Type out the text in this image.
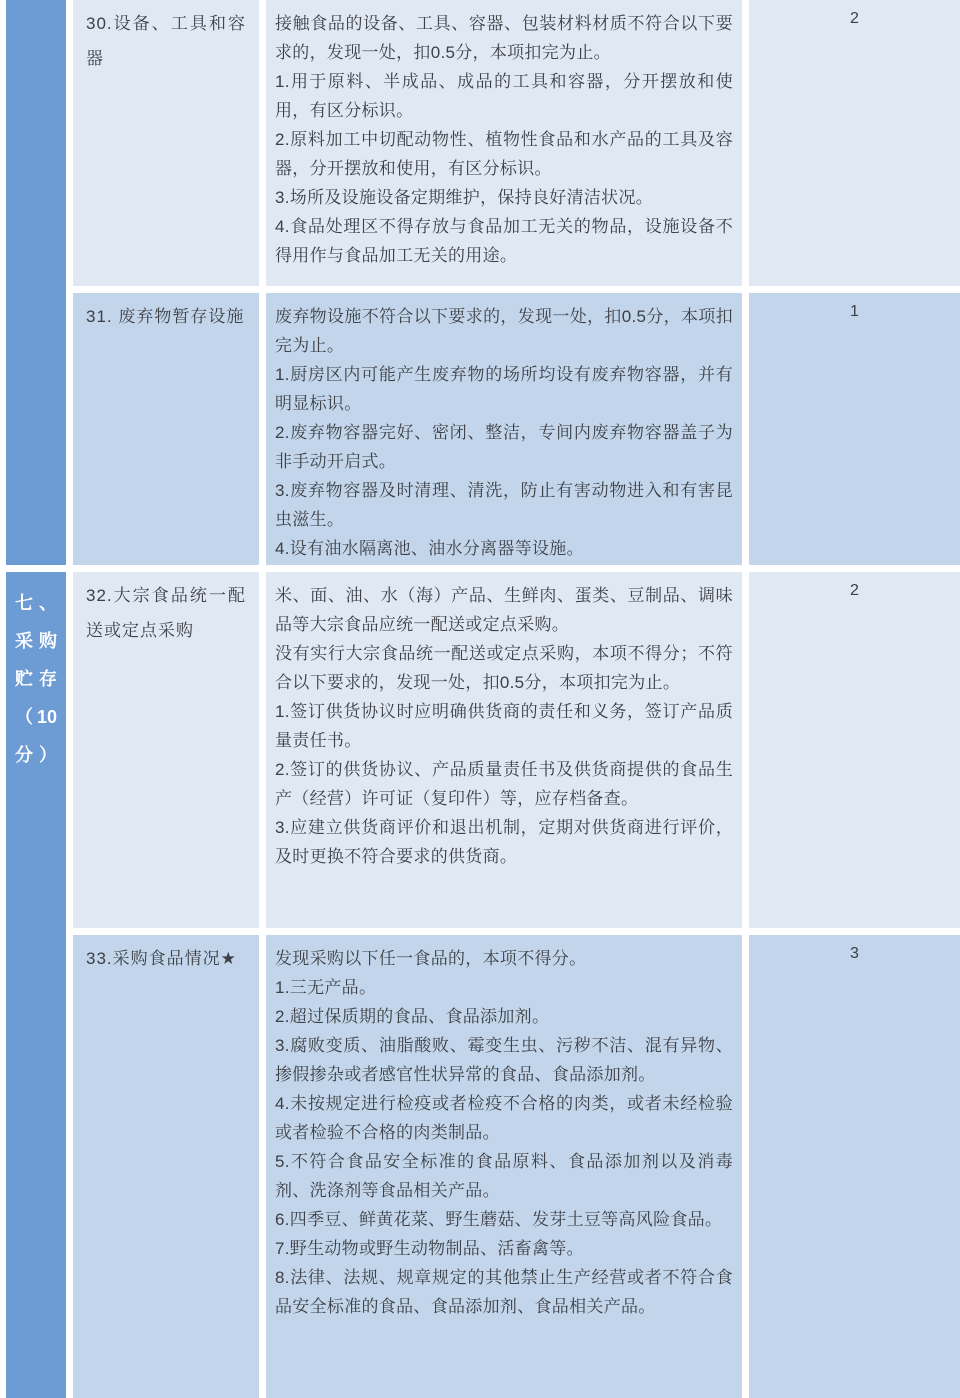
30.设备、工具和容器
接触食品的设备、工具、容器、包装材料材质不符合以下要求的，发现一处，扣0.5分，本项扣完为止。
1.用于原料、半成品、成品的工具和容器，分开摆放和使用，有区分标识。
2.原料加工中切配动物性、植物性食品和水产品的工具及容器，分开摆放和使用，有区分标识。
3.场所及设施设备定期维护，保持良好清洁状况。
4.食品处理区不得存放与食品加工无关的物品，设施设备不得用作与食品加工无关的用途。
2
31. 废弃物暂存设施	废弃物设施不符合以下要求的，发现一处，扣0.5分，本项扣完为止。
1.厨房区内可能产生废弃物的场所均设有废弃物容器，并有明显标识。
2.废弃物容器完好、密闭、整洁，专间内废弃物容器盖子为非手动开启式。
3.废弃物容器及时清理、清洗，防止有害动物进入和有害昆虫滋生。
4.设有油水隔离池、油水分离器等设施。
1
七、
采购
贮存
（10
分）
32.大宗食品统一配送或定点采购
米、面、油、水（海）产品、生鲜肉、蛋类、豆制品、调味品等大宗食品应统一配送或定点采购。
没有实行大宗食品统一配送或定点采购，本项不得分；不符合以下要求的，发现一处，扣0.5分，本项扣完为止。
1.签订供货协议时应明确供货商的责任和义务，签订产品质量责任书。
2.签订的供货协议、产品质量责任书及供货商提供的食品生产（经营）许可证（复印件）等，应存档备查。
3.应建立供货商评价和退出机制，定期对供货商进行评价，及时更换不符合要求的供货商。
2
33.采购食品情况★	发现采购以下任一食品的，本项不得分。
1.三无产品。
2.超过保质期的食品、食品添加剂。
3.腐败变质、油脂酸败、霉变生虫、污秽不洁、混有异物、掺假掺杂或者感官性状异常的食品、食品添加剂。
4.未按规定进行检疫或者检疫不合格的肉类，或者未经检验或者检验不合格的肉类制品。
5.不符合食品安全标准的食品原料、食品添加剂以及消毒剂、洗涤剂等食品相关产品。
6.四季豆、鲜黄花菜、野生蘑菇、发芽土豆等高风险食品。
7.野生动物或野生动物制品、活畜禽等。
8.法律、法规、规章规定的其他禁止生产经营或者不符合食品安全标准的食品、食品添加剂、食品相关产品。
3
